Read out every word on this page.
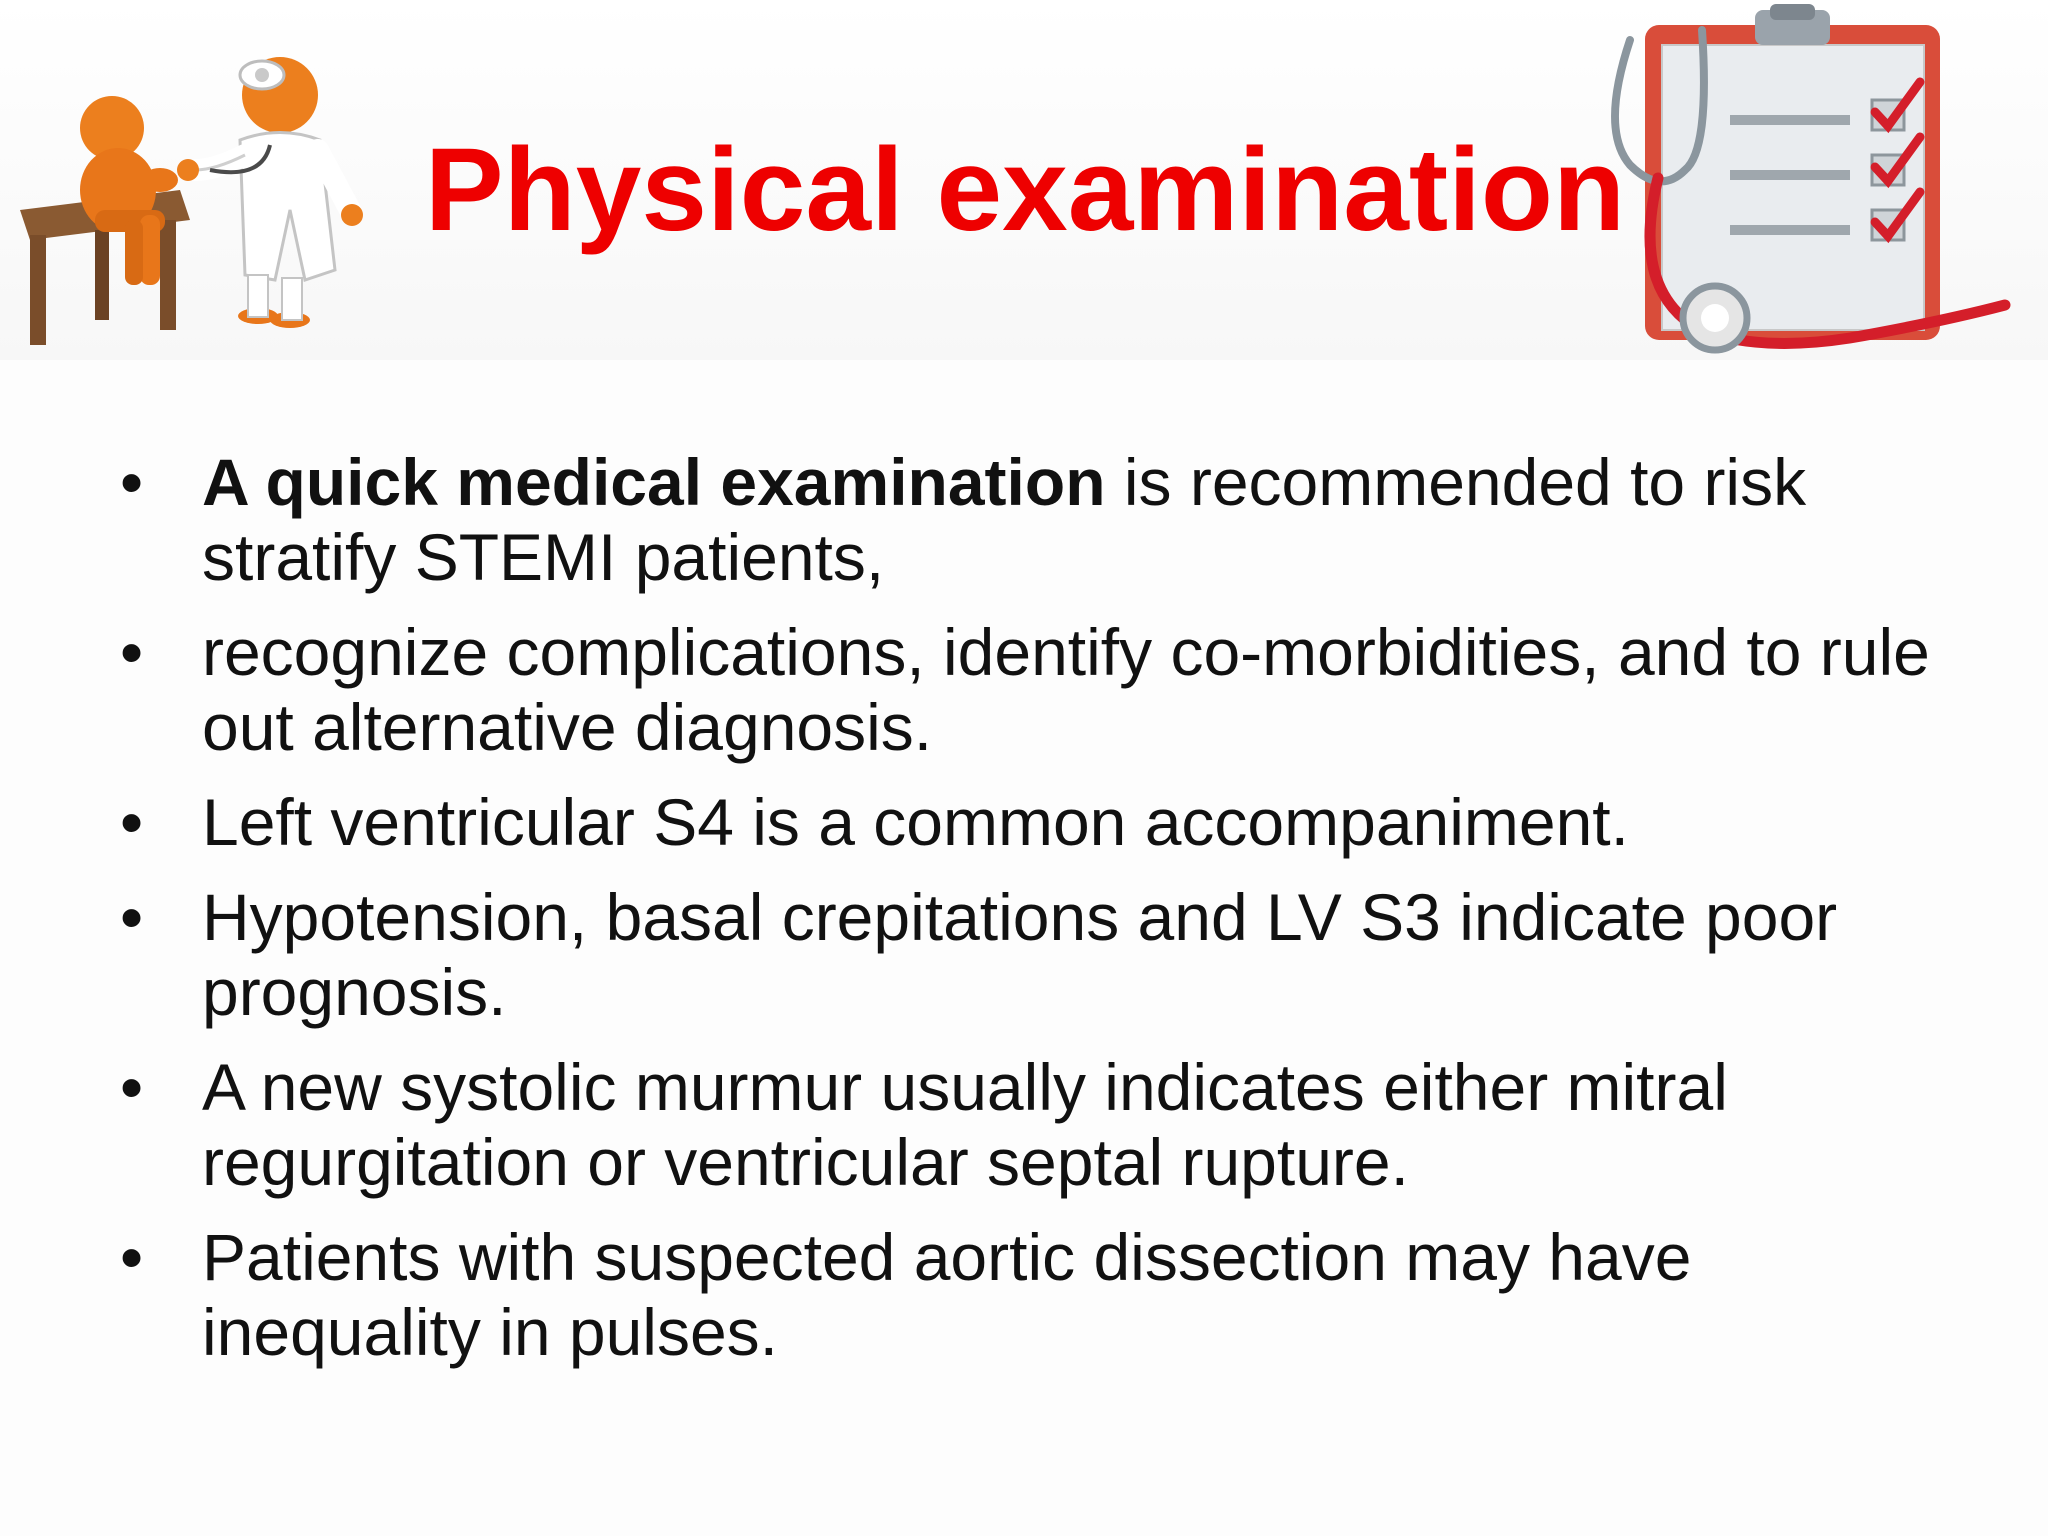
Physical examination
• A quick medical examination is recommended to risk stratify STEMI patients,
• recognize complications, identify co-morbidities, and to rule out alternative diagnosis.
• Left ventricular S4 is a common accompaniment.
• Hypotension, basal crepitations and LV S3 indicate poor prognosis.
• A new systolic murmur usually indicates either mitral regurgitation or ventricular septal rupture.
• Patients with suspected aortic dissection may have inequality in pulses.
